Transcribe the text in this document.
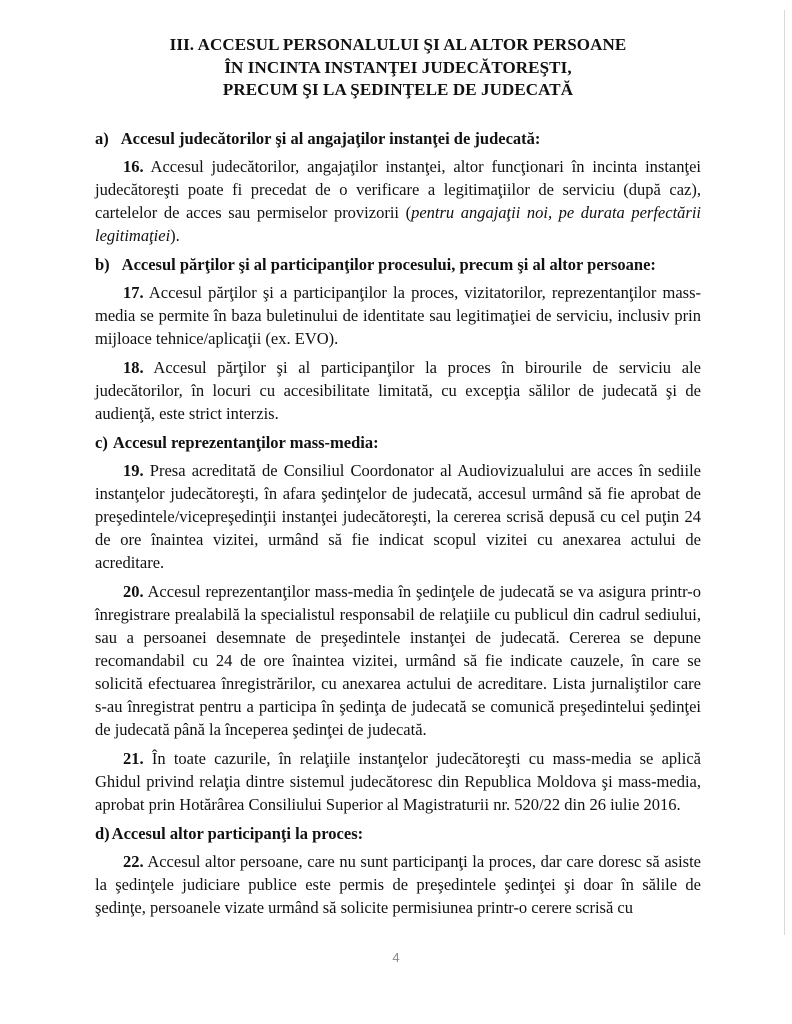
III. ACCESUL PERSONALULUI ŞI AL ALTOR PERSOANE
ÎN INCINTA INSTANŢEI JUDECĂTOREŞTI,
PRECUM ŞI LA ŞEDINŢELE DE JUDECATĂ
a) Accesul judecătorilor şi al angajaţilor instanţei de judecată:

16. Accesul judecătorilor, angajaţilor instanţei, altor funcţionari în incinta instanţei judecătoreşti poate fi precedat de o verificare a legitimaţiilor de serviciu (după caz), cartelelor de acces sau permiselor provizorii (pentru angajaţii noi, pe durata perfectării legitimaţiei).

b) Accesul părţilor şi al participanţilor procesului, precum şi al altor persoane:

17. Accesul părţilor şi a participanţilor la proces, vizitatorilor, reprezentanţilor mass-media se permite în baza buletinului de identitate sau legitimaţiei de serviciu, inclusiv prin mijloace tehnice/aplicaţii (ex. EVO).

18. Accesul părţilor şi al participanţilor la proces în birourile de serviciu ale judecătorilor, în locuri cu accesibilitate limitată, cu excepţia sălilor de judecată şi de audienţă, este strict interzis.

c) Accesul reprezentanţilor mass-media:

19. Presa acreditată de Consiliul Coordonator al Audiovizualului are acces în sediile instanţelor judecătoreşti, în afara şedinţelor de judecată, accesul urmând să fie aprobat de preşedintele/vicepreşedinţii instanţei judecătoreşti, la cererea scrisă depusă cu cel puţin 24 de ore înaintea vizitei, urmând să fie indicat scopul vizitei cu anexarea actului de acreditare.

20. Accesul reprezentanţilor mass-media în şedinţele de judecată se va asigura printr-o înregistrare prealabilă la specialistul responsabil de relaţiile cu publicul din cadrul sediului, sau a persoanei desemnate de preşedintele instanţei de judecată. Cererea se depune recomandabil cu 24 de ore înaintea vizitei, urmând să fie indicate cauzele, în care se solicită efectuarea înregistrărilor, cu anexarea actului de acreditare. Lista jurnaliştilor care s-au înregistrat pentru a participa în şedinţa de judecată se comunică preşedintelui şedinţei de judecată până la începerea şedinţei de judecată.

21. În toate cazurile, în relaţiile instanţelor judecătoreşti cu mass-media se aplică Ghidul privind relaţia dintre sistemul judecătoresc din Republica Moldova şi mass-media, aprobat prin Hotărârea Consiliului Superior al Magistraturii nr. 520/22 din 26 iulie 2016.

d) Accesul altor participanţi la proces:

22. Accesul altor persoane, care nu sunt participanţi la proces, dar care doresc să asiste la şedinţele judiciare publice este permis de preşedintele şedinţei şi doar în sălile de şedinţe, persoanele vizate urmând să solicite permisiunea printr-o cerere scrisă cu

4
